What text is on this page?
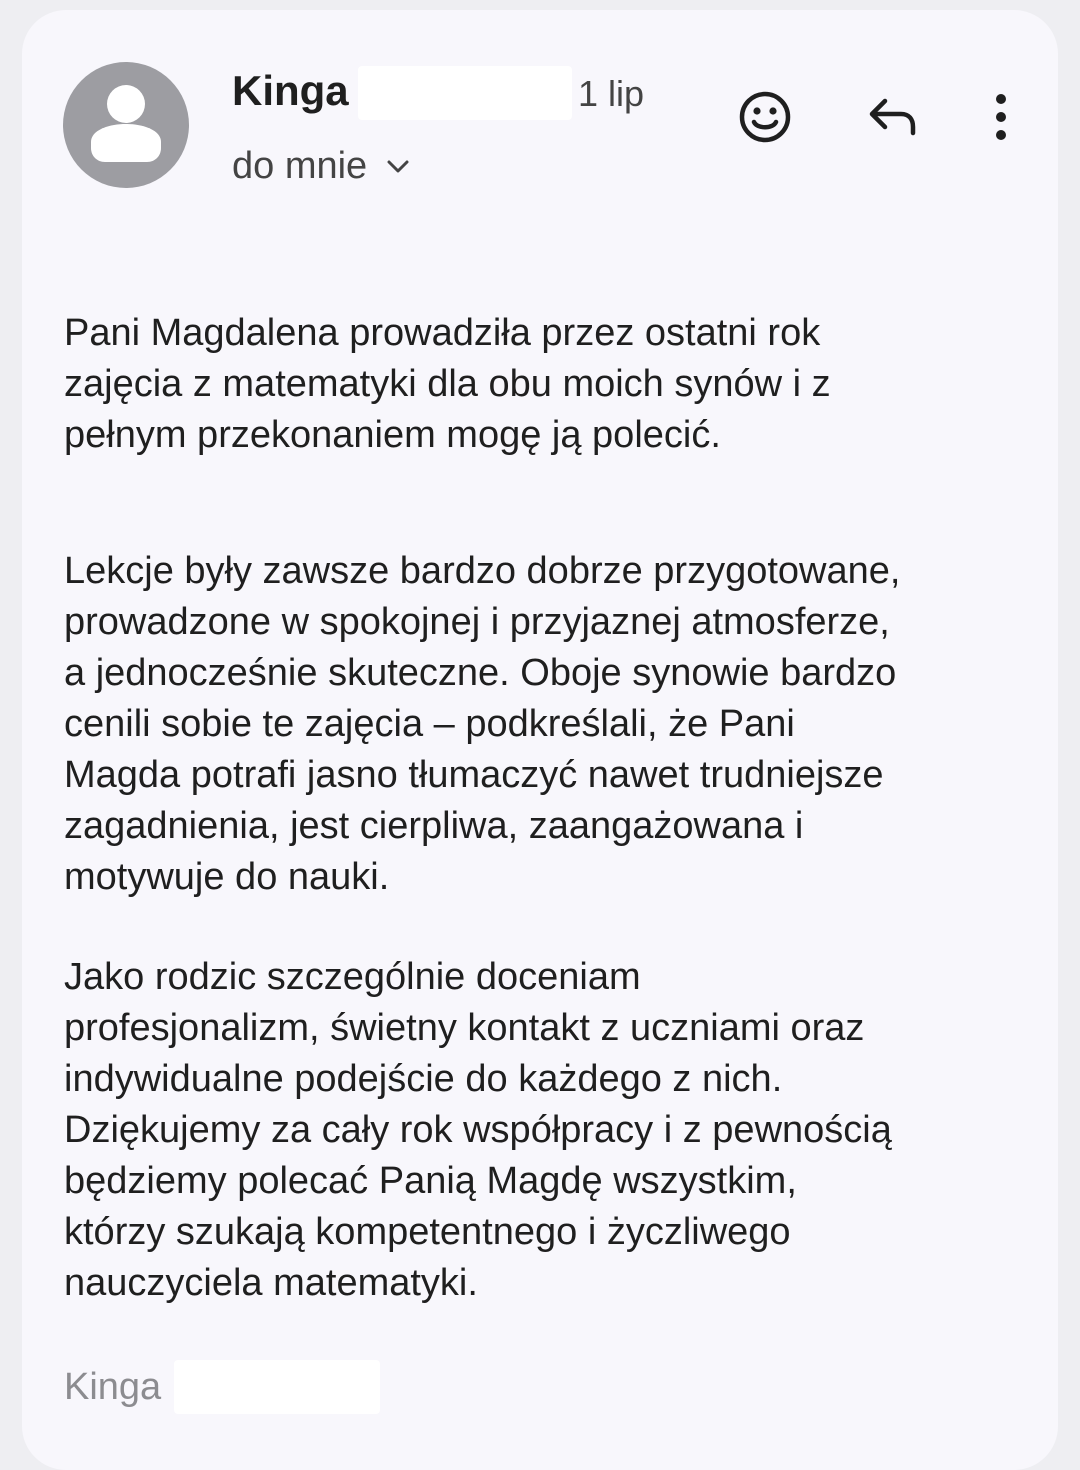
Kinga	1 lip
do mnie
Pani Magdalena prowadziła przez ostatni rok
zajęcia z matematyki dla obu moich synów i z
pełnym przekonaniem mogę ją polecić.
Lekcje były zawsze bardzo dobrze przygotowane,
prowadzone w spokojnej i przyjaznej atmosferze,
a jednocześnie skuteczne. Oboje synowie bardzo
cenili sobie te zajęcia – podkreślali, że Pani
Magda potrafi jasno tłumaczyć nawet trudniejsze
zagadnienia, jest cierpliwa, zaangażowana i
motywuje do nauki.
Jako rodzic szczególnie doceniam
profesjonalizm, świetny kontakt z uczniami oraz
indywidualne podejście do każdego z nich.
Dziękujemy za cały rok współpracy i z pewnością
będziemy polecać Panią Magdę wszystkim,
którzy szukają kompetentnego i życzliwego
nauczyciela matematyki.
Kinga
